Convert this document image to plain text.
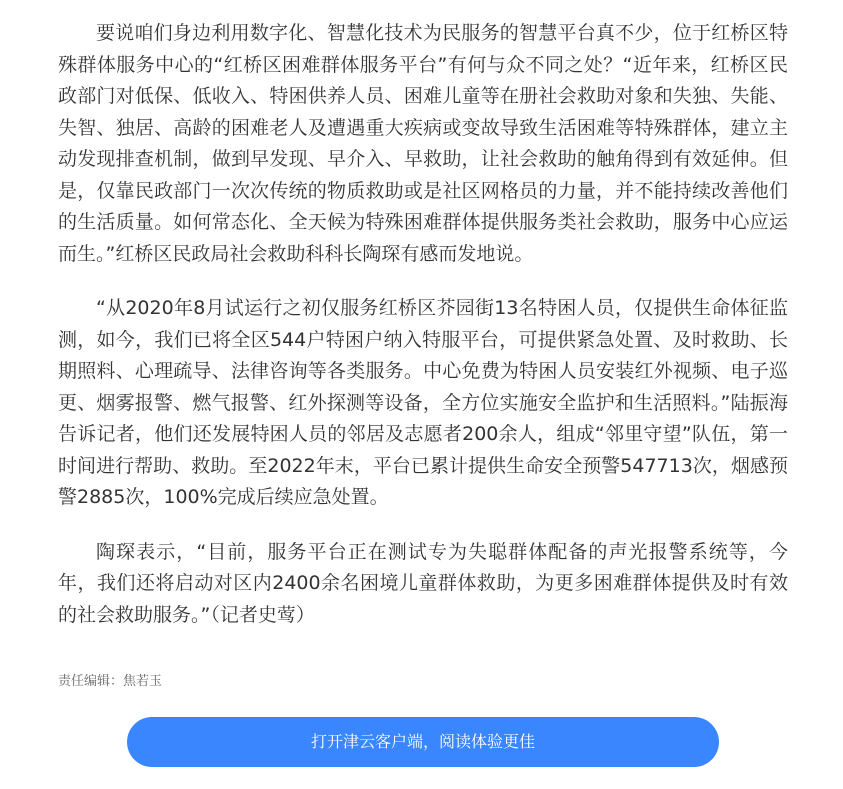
要说咱们身边利用数字化、智慧化技术为民服务的智慧平台真不少，位于红桥区特殊群体服务中心的“红桥区困难群体服务平台”有何与众不同之处？“近年来，红桥区民政部门对低保、低收入、特困供养人员、困难儿童等在册社会救助对象和失独、失能、失智、独居、高龄的困难老人及遭遇重大疾病或变故导致生活困难等特殊群体，建立主动发现排查机制，做到早发现、早介入、早救助，让社会救助的触角得到有效延伸。但是，仅靠民政部门一次次传统的物质救助或是社区网格员的力量，并不能持续改善他们的生活质量。如何常态化、全天候为特殊困难群体提供服务类社会救助，服务中心应运而生。”红桥区民政局社会救助科科长陶琛有感而发地说。

“从2020年8月试运行之初仅服务红桥区芥园街13名特困人员，仅提供生命体征监测，如今，我们已将全区544户特困户纳入特服平台，可提供紧急处置、及时救助、长期照料、心理疏导、法律咨询等各类服务。中心免费为特困人员安装红外视频、电子巡更、烟雾报警、燃气报警、红外探测等设备，全方位实施安全监护和生活照料。”陆振海告诉记者，他们还发展特困人员的邻居及志愿者200余人，组成“邻里守望”队伍，第一时间进行帮助、救助。至2022年末，平台已累计提供生命安全预警547713次，烟感预警2885次，100%完成后续应急处置。

陶琛表示，“目前，服务平台正在测试专为失聪群体配备的声光报警系统等，今年，我们还将启动对区内2400余名困境儿童群体救助，为更多困难群体提供及时有效的社会救助服务。”（记者史莺）

责任编辑：焦若玉
打开津云客户端，阅读体验更佳
